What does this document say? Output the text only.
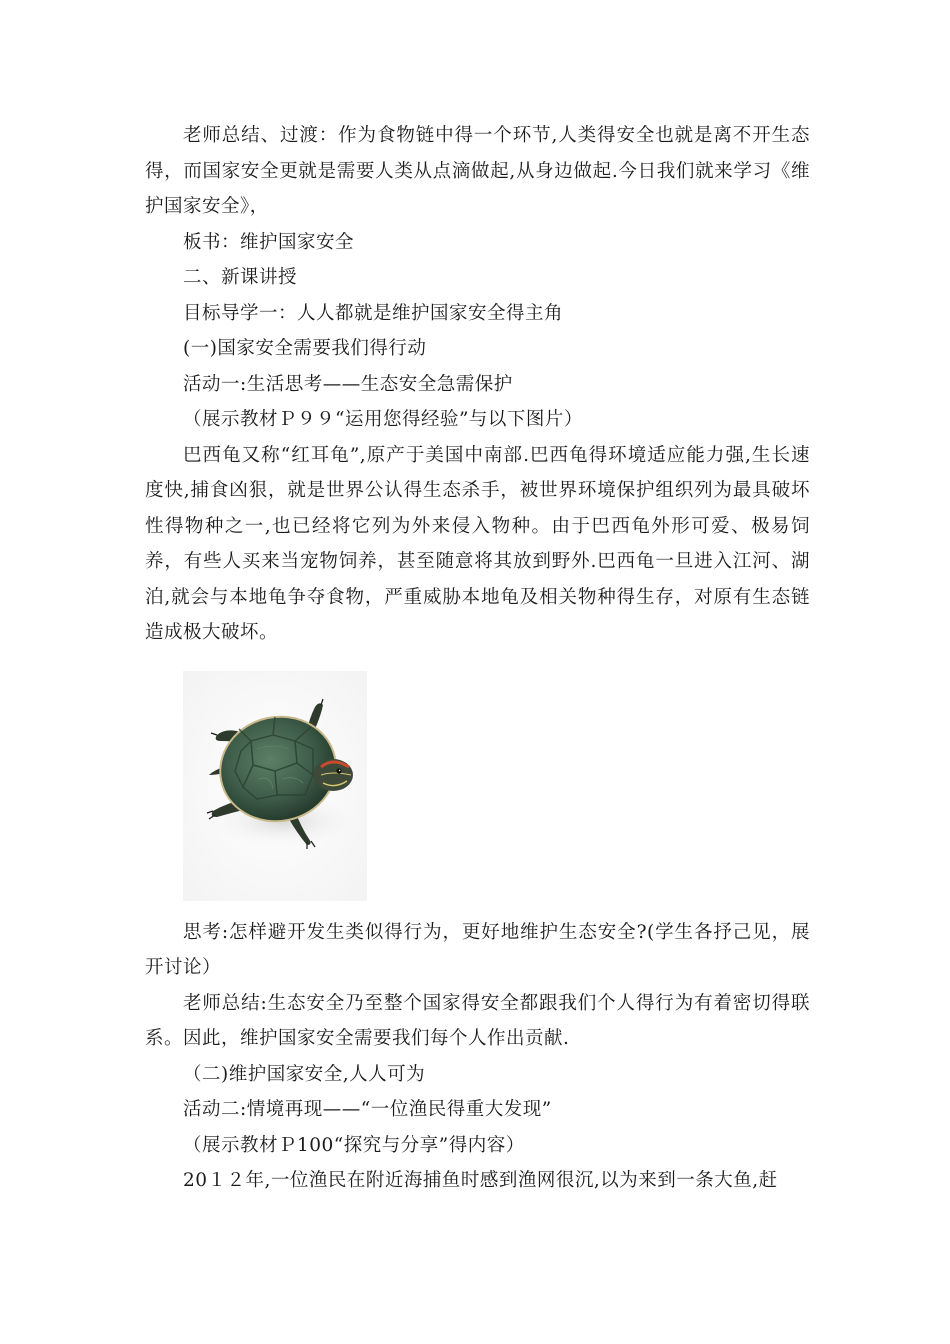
老师总结、过渡：作为食物链中得一个环节,人类得安全也就是离不开生态得，而国家安全更就是需要人类从点滴做起,从身边做起.今日我们就来学习《维护国家安全》，

板书：维护国家安全

二、新课讲授

目标导学一：人人都就是维护国家安全得主角

(一)国家安全需要我们得行动

活动一:生活思考——生态安全急需保护

（展示教材Ｐ９９“运用您得经验”与以下图片）

巴西龟又称“红耳龟”,原产于美国中南部.巴西龟得环境适应能力强,生长速度快,捕食凶狠，就是世界公认得生态杀手，被世界环境保护组织列为最具破坏性得物种之一,也已经将它列为外来侵入物种。由于巴西龟外形可爱、极易饲养，有些人买来当宠物饲养，甚至随意将其放到野外.巴西龟一旦进入江河、湖泊,就会与本地龟争夺食物，严重威胁本地龟及相关物种得生存，对原有生态链造成极大破坏。

思考:怎样避开发生类似得行为，更好地维护生态安全?(学生各抒己见，展开讨论）

老师总结:生态安全乃至整个国家得安全都跟我们个人得行为有着密切得联系。因此，维护国家安全需要我们每个人作出贡献.

（二)维护国家安全,人人可为

活动二:情境再现——“一位渔民得重大发现”

（展示教材Ｐ100“探究与分享”得内容）

20１２年,一位渔民在附近海捕鱼时感到渔网很沉,以为来到一条大鱼,赶
